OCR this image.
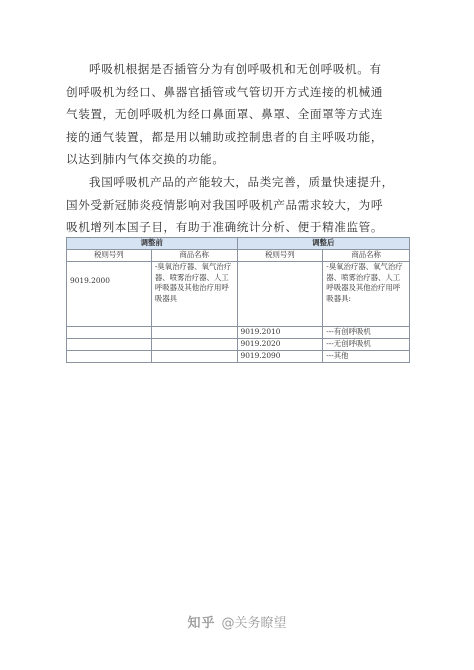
呼吸机根据是否插管分为有创呼吸机和无创呼吸机。有
创呼吸机为经口、鼻器官插管或气管切开方式连接的机械通
气装置，无创呼吸机为经口鼻面罩、鼻罩、全面罩等方式连
接的通气装置，都是用以辅助或控制患者的自主呼吸功能，
以达到肺内气体交换的功能。

我国呼吸机产品的产能较大，品类完善，质量快速提升，
国外受新冠肺炎疫情影响对我国呼吸机产品需求较大，为呼
吸机增列本国子目，有助于准确统计分析、便于精准监管。

调整前		调整后	
税则号列	商品名称	税则号列	商品名称
9019.2000	-臭氧治疗器、氧气治疗器、喷雾治疗器、人工呼吸器及其他治疗用呼吸器具		-臭氧治疗器、氧气治疗器、喷雾治疗器、人工呼吸器及其他治疗用呼吸器具:
		9019.2010	---有创呼吸机
		9019.2020	---无创呼吸机
		9019.2090	---其他
知乎 @关务瞭望
